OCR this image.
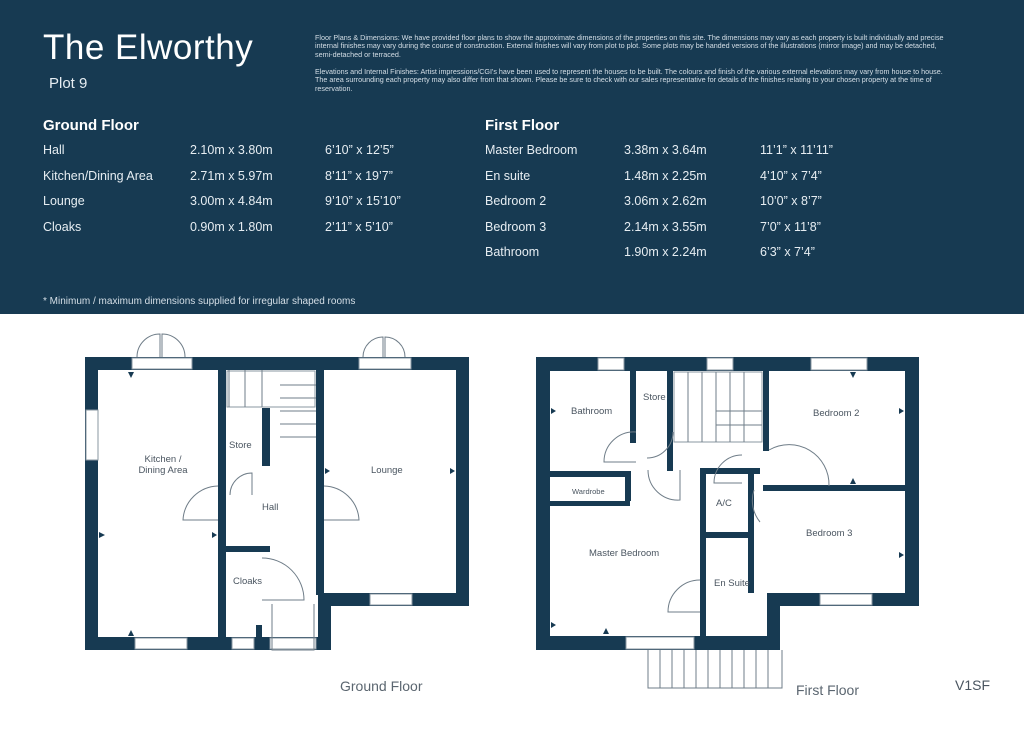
The Elworthy
Plot 9
Floor Plans & Dimensions: We have provided floor plans to show the approximate dimensions of the properties on this site. The dimensions may vary as each property is built individually and precise internal finishes may vary during the course of construction. External finishes will vary from plot to plot. Some plots may be handed versions of the illustrations (mirror image) and may be detached, semi-detached or terraced.
Elevations and Internal Finishes: Artist impressions/CGI's have been used to represent the houses to be built. The colours and finish of the various external elevations may vary from house to house. The area surrounding each property may also differ from that shown. Please be sure to check with our sales representative for details of the finishes relating to your chosen property at the time of reservation.
Ground Floor
Hall	2.10m x 3.80m	6’10” x 12’5”
Kitchen/Dining Area	2.71m x 5.97m	8’11” x 19’7”
Lounge	3.00m x 4.84m	9’10” x 15’10”
Cloaks	0.90m x 1.80m	2’11” x 5’10”
First Floor
Master Bedroom	3.38m x 3.64m	11’1” x 11’11”
En suite	1.48m x 2.25m	4’10” x 7’4”
Bedroom 2	3.06m x 2.62m	10’0” x 8’7”
Bedroom 3	2.14m x 3.55m	7’0” x 11’8”
Bathroom	1.90m x 2.24m	6’3” x 7’4”
* Minimum / maximum dimensions supplied for irregular shaped rooms
Kitchen /
Dining Area
Store
Hall
Lounge
Cloaks
Bathroom
Store
Bedroom 2
Wardrobe
A/C
Master Bedroom
Bedroom 3
En Suite
Ground Floor	First Floor	V1SF
